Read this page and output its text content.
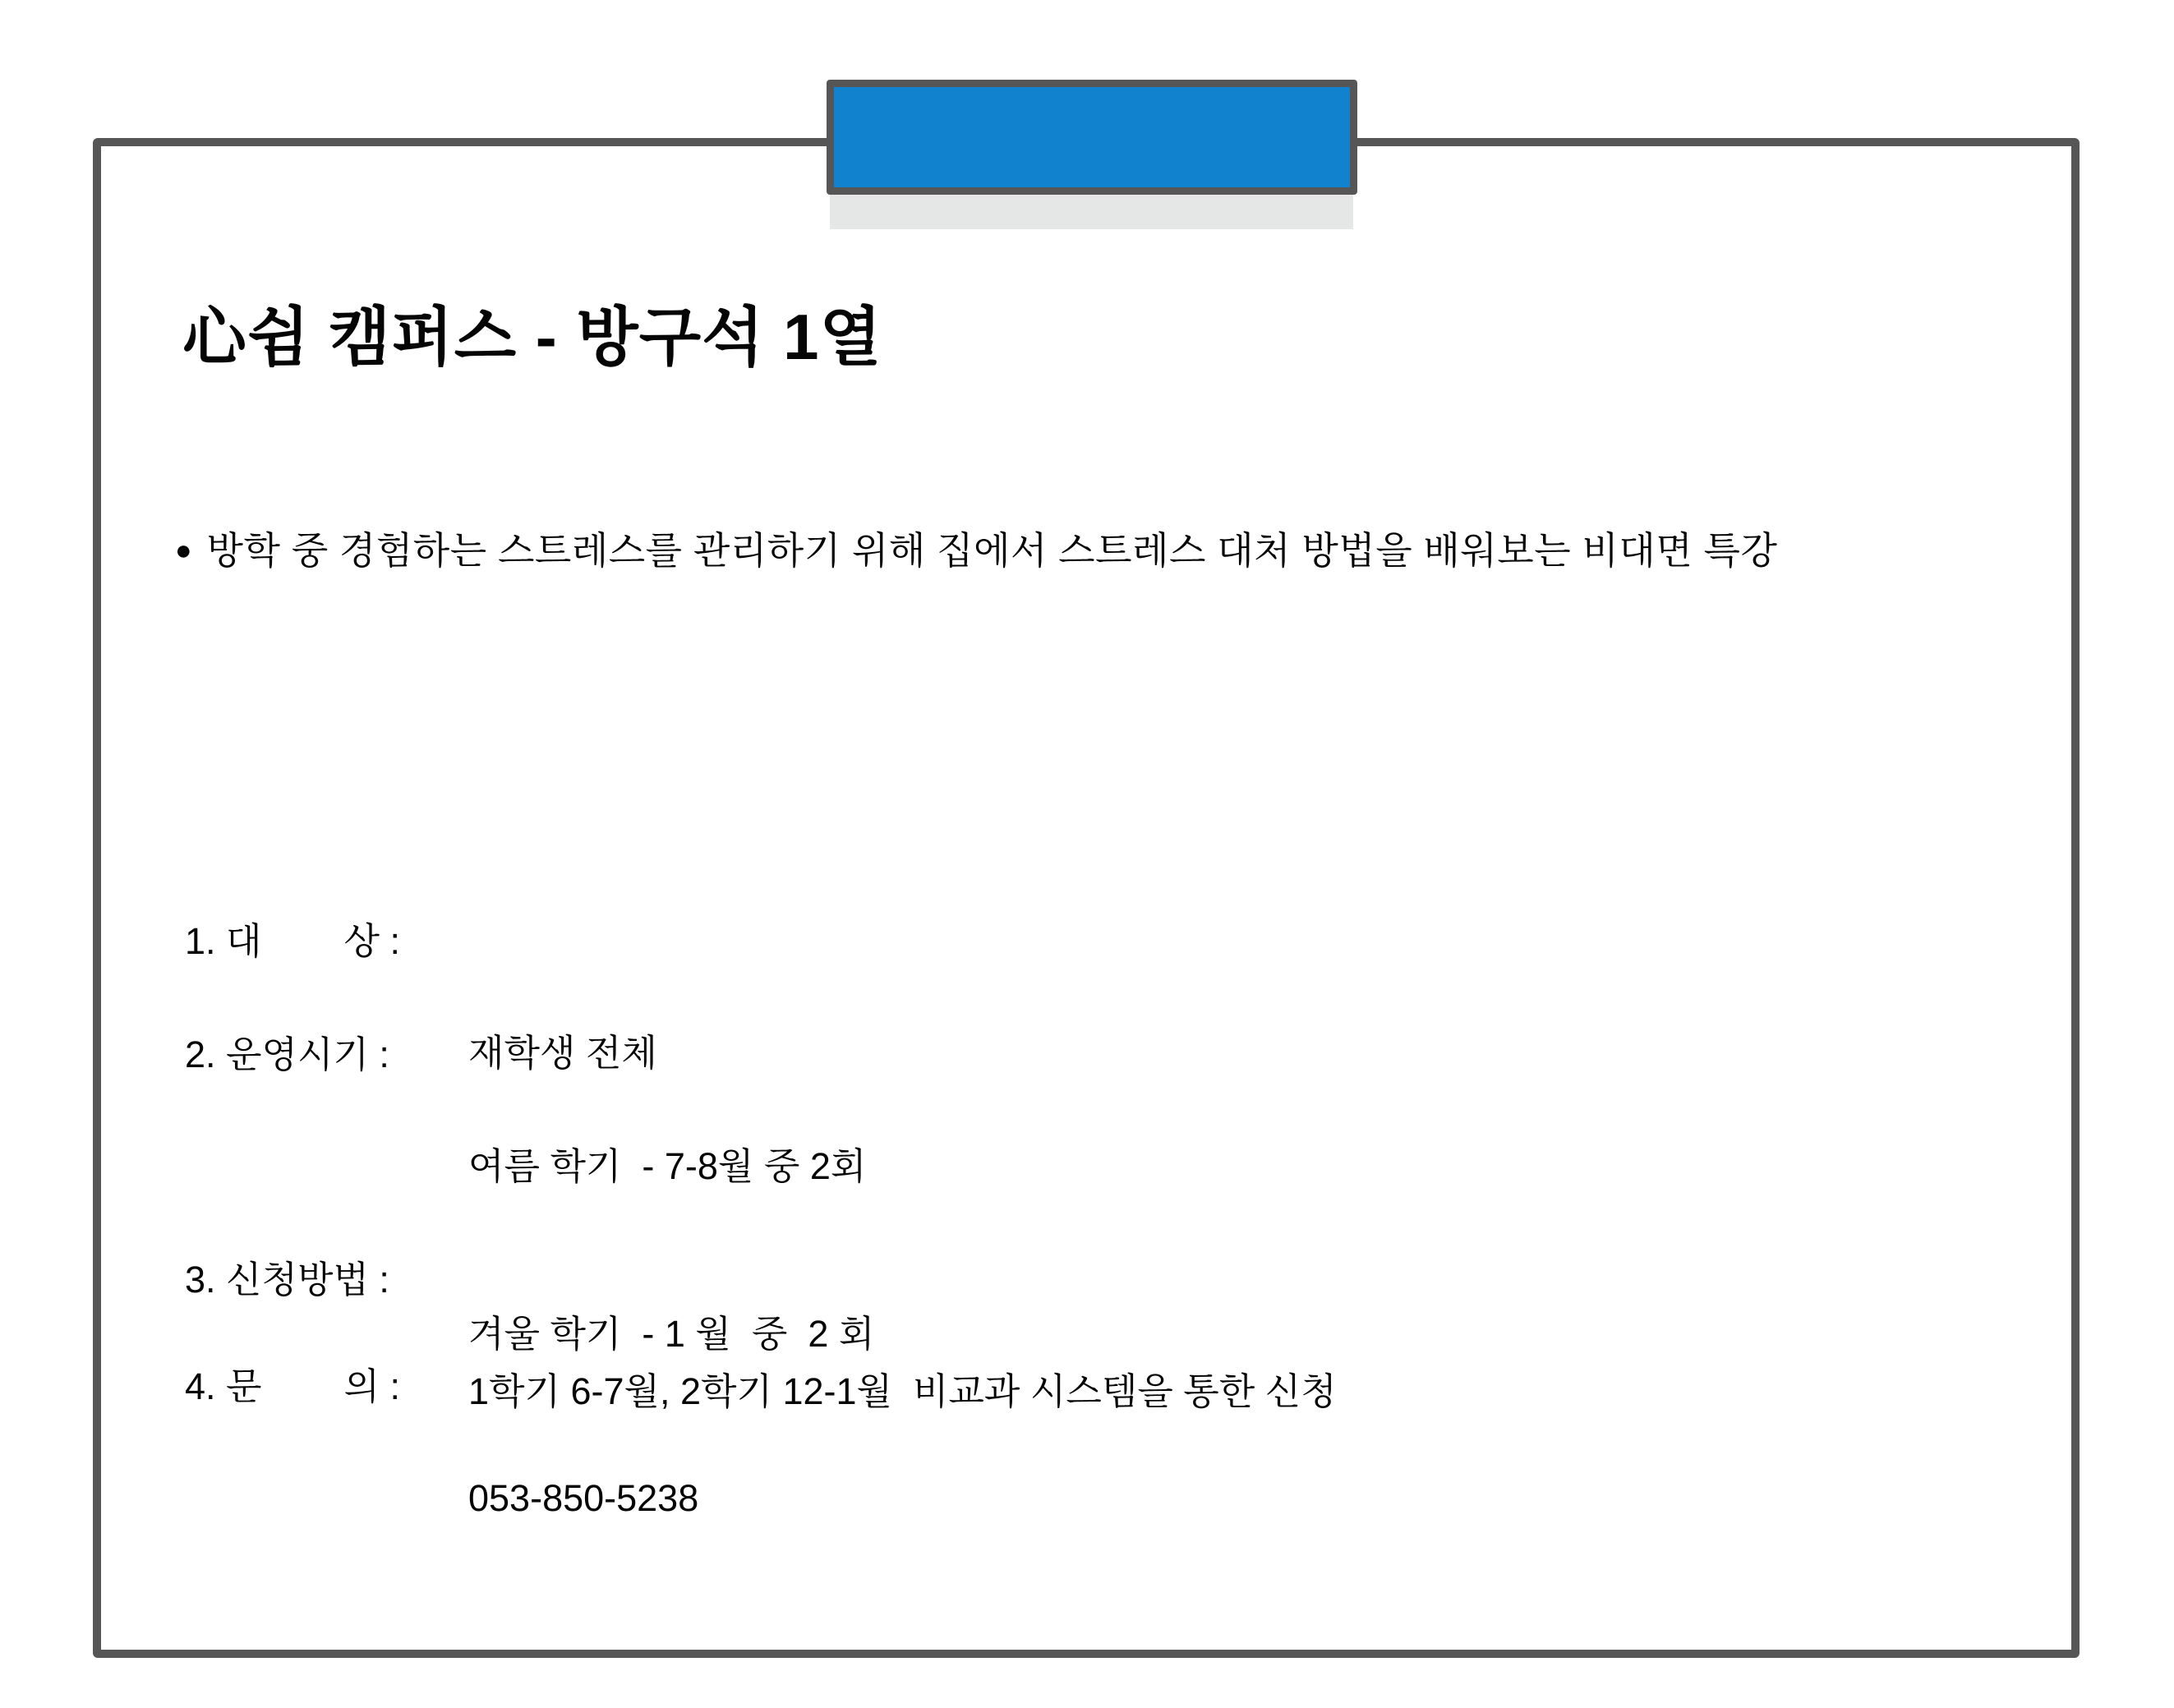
心쉼 캠퍼스 - 방구석 1열
● 방학 중 경험하는 스트레스를 관리하기 위해 집에서 스트레스 대처 방법을 배워보는 비대면 특강
1. 대        상 :

재학생 전체

2. 운영시기 :

여름 학기  - 7-8월 중 2회

겨울 학기  - 1 월  중  2 회

3. 신청방법 :

1학기 6-7월, 2학기 12-1월  비교과 시스템을 통한 신청

4. 문        의 :

053-850-5238
